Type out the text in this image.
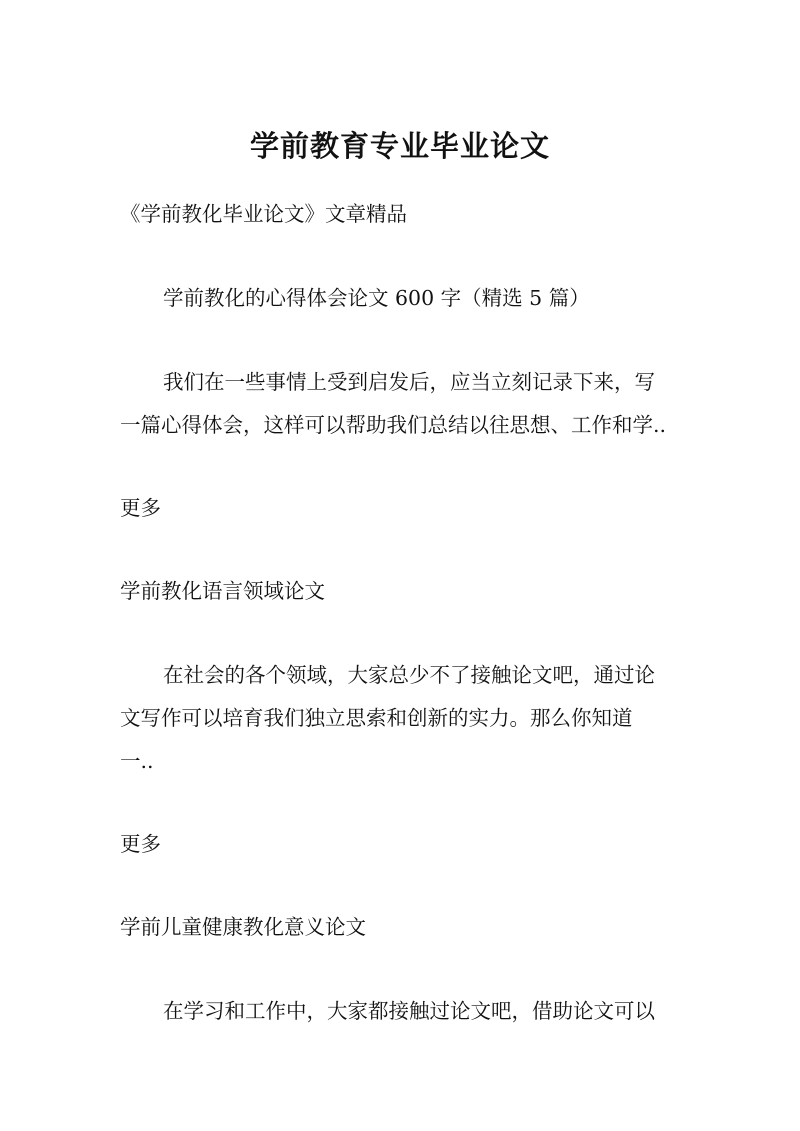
学前教育专业毕业论文
《学前教化毕业论文》文章精品
学前教化的心得体会论文 600 字（精选 5 篇）
我们在一些事情上受到启发后，应当立刻记录下来，写
一篇心得体会，这样可以帮助我们总结以往思想、工作和学..
更多
学前教化语言领域论文
在社会的各个领域，大家总少不了接触论文吧，通过论
文写作可以培育我们独立思索和创新的实力。那么你知道
一..
更多
学前儿童健康教化意义论文
在学习和工作中，大家都接触过论文吧，借助论文可以
